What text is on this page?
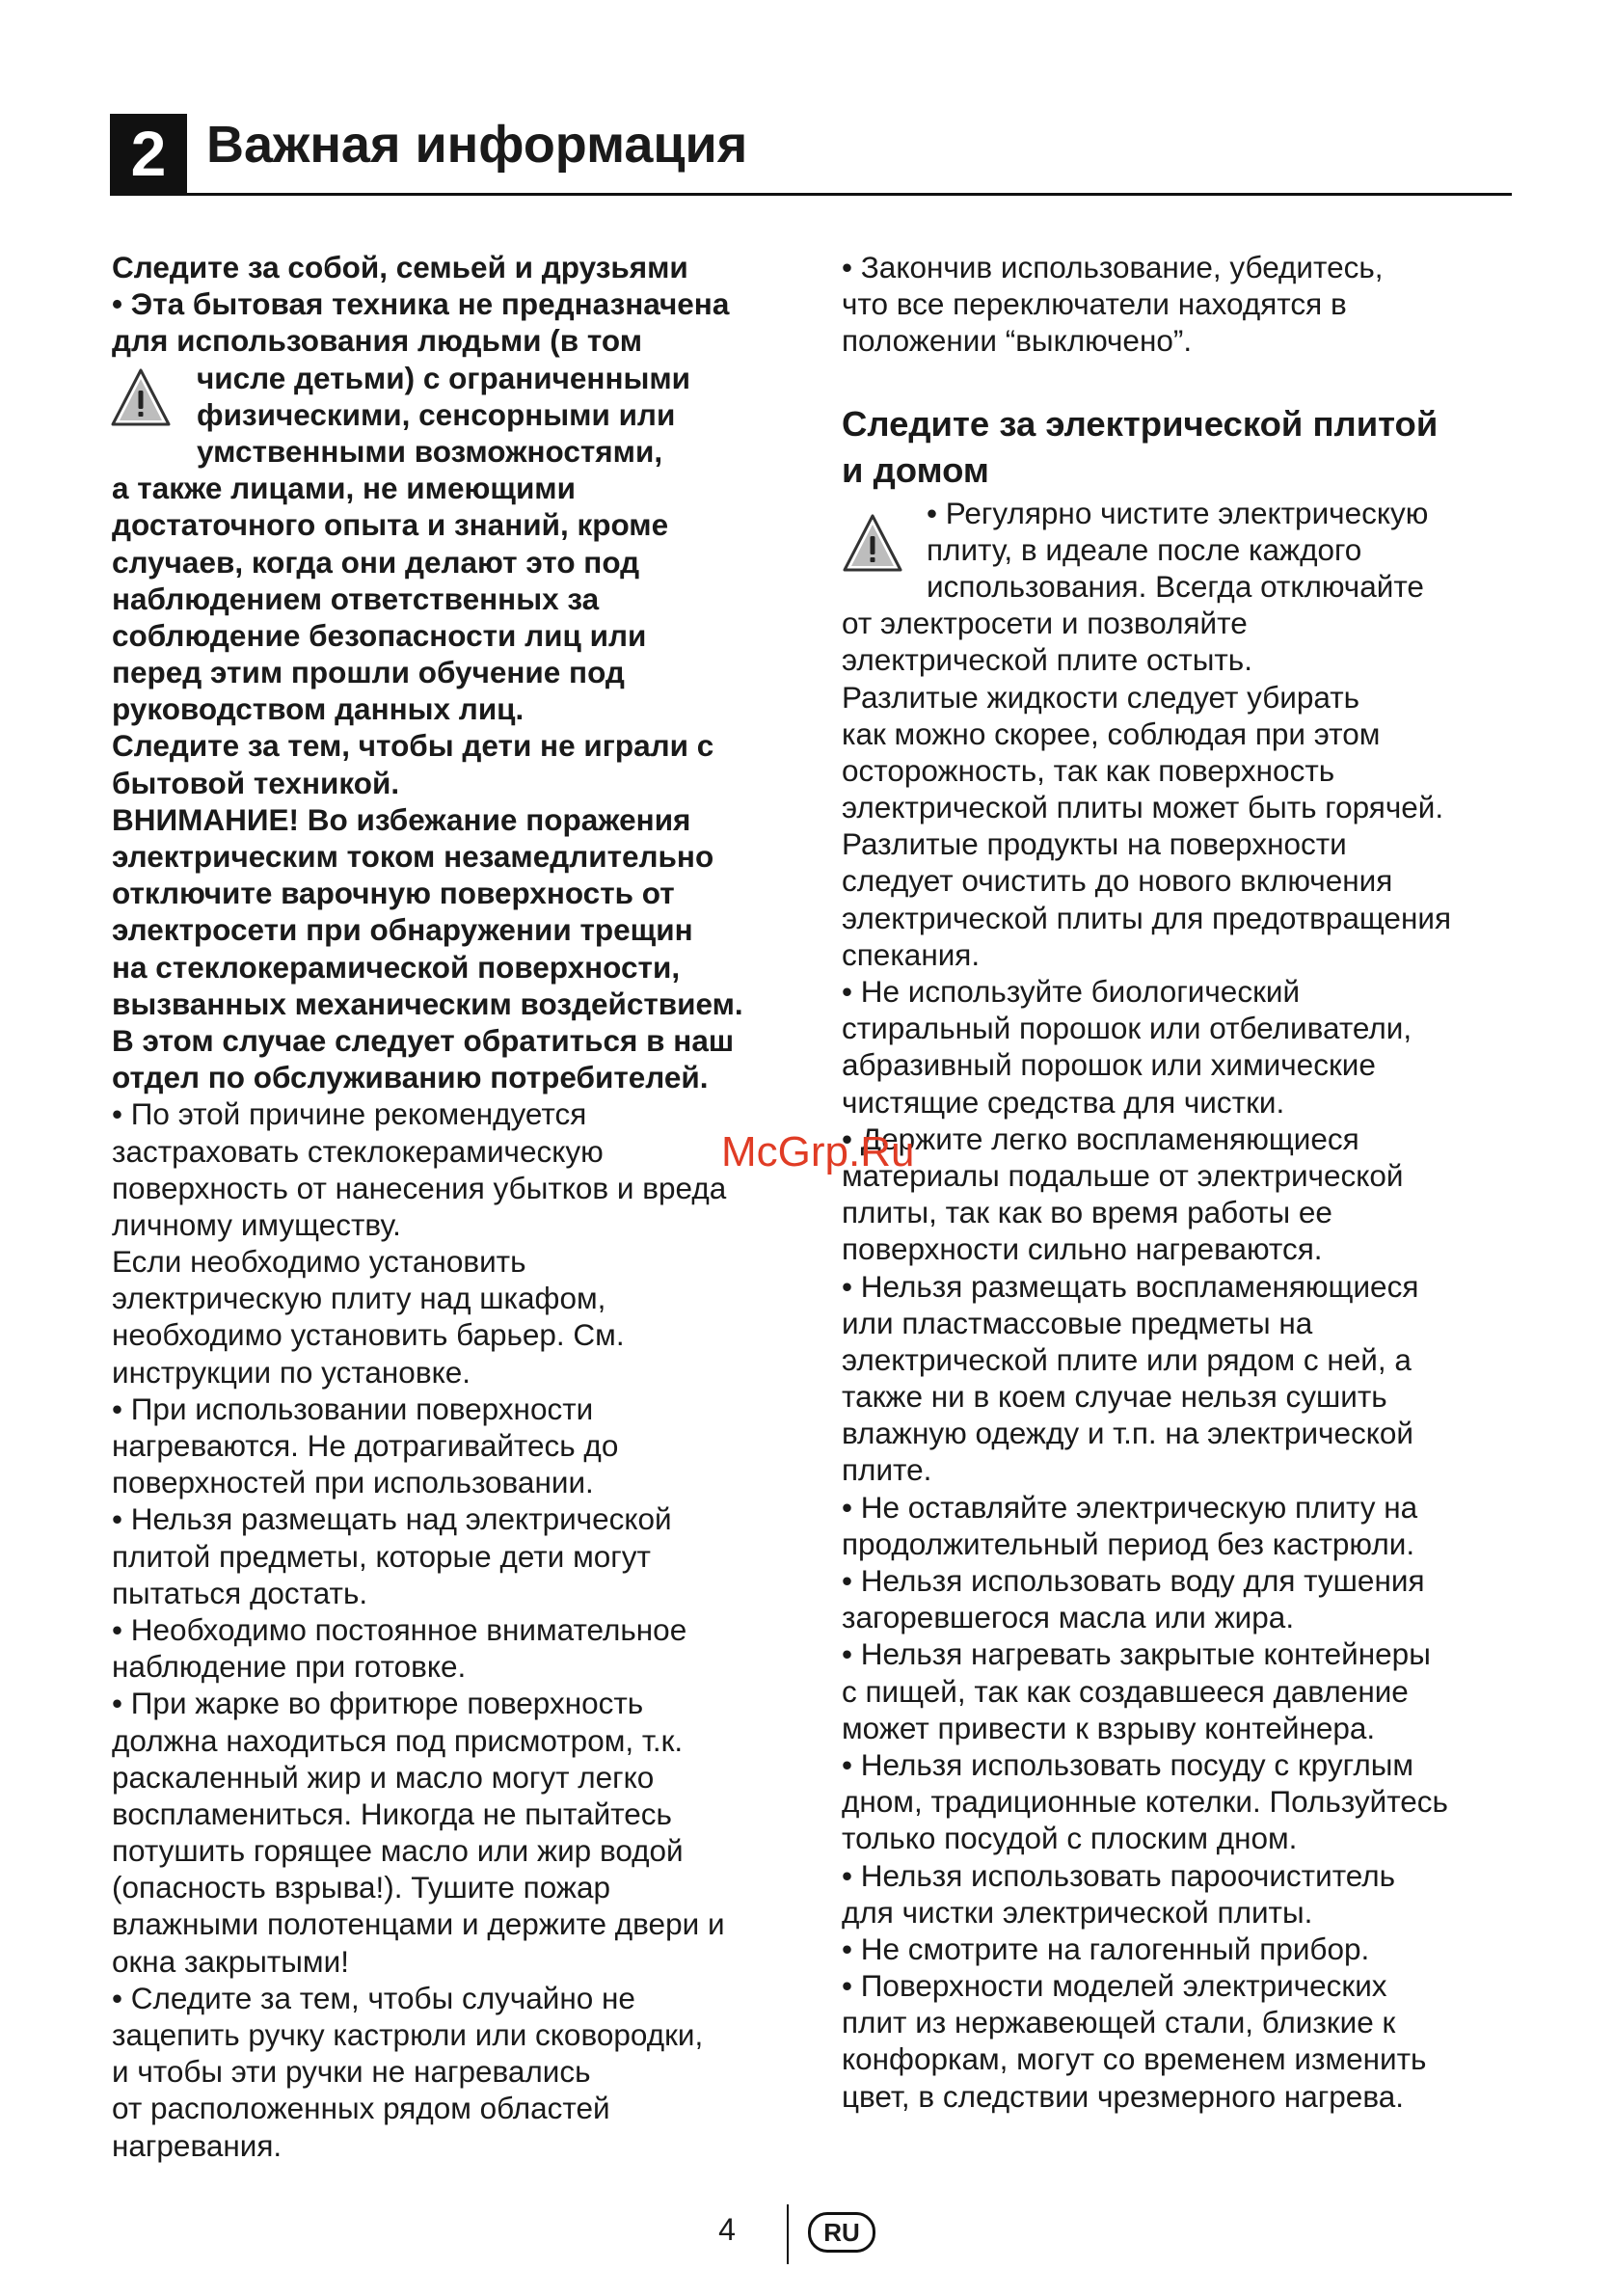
2 Важная информация
Следите за собой, семьей и друзьями
• Эта бытовая техника не предназначена
для использования людьми (в том
числе детьми) с ограниченными
физическими, сенсорными или
умственными возможностями,
а также лицами, не имеющими
достаточного опыта и знаний, кроме
случаев, когда они делают это под
наблюдением ответственных за
соблюдение безопасности лиц или
перед этим прошли обучение под
руководством данных лиц.
Следите за тем, чтобы дети не играли с
бытовой техникой.
ВНИМАНИЕ! Во избежание поражения
электрическим током незамедлительно
отключите варочную поверхность от
электросети при обнаружении трещин
на стеклокерамической поверхности,
вызванных механическим воздействием.
В этом случае следует обратиться в наш
отдел по обслуживанию потребителей.
• По этой причине рекомендуется
застраховать стеклокерамическую
поверхность от нанесения убытков и вреда
личному имуществу.
Если необходимо установить
электрическую плиту над шкафом,
необходимо установить барьер. См.
инструкции по установке.
• При использовании поверхности
нагреваются. Не дотрагивайтесь до
поверхностей при использовании.
• Нельзя размещать над электрической
плитой предметы, которые дети могут
пытаться достать.
• Необходимо постоянное внимательное
наблюдение при готовке.
• При жарке во фритюре поверхность
должна находиться под присмотром, т.к.
раскаленный жир и масло могут легко
воспламениться. Никогда не пытайтесь
потушить горящее масло или жир водой
(опасность взрыва!). Тушите пожар
влажными полотенцами и держите двери и
окна закрытыми!
• Следите за тем, чтобы случайно не
зацепить ручку кастрюли или сковородки,
и чтобы эти ручки не нагревались
от расположенных рядом областей
нагревания.
• Закончив использование, убедитесь,
что все переключатели находятся в
положении “выключено”.
Следите за электрической плитой
и домом
• Регулярно чистите электрическую
плиту, в идеале после каждого
использования. Всегда отключайте
от электросети и позволяйте
электрической плите остыть.
Разлитые жидкости следует убирать
как можно скорее, соблюдая при этом
осторожность, так как поверхность
электрической плиты может быть горячей.
Разлитые продукты на поверхности
следует очистить до нового включения
электрической плиты для предотвращения
спекания.
• Не используйте биологический
стиральный порошок или отбеливатели,
абразивный порошок или химические
чистящие средства для чистки.
• Держите легко воспламеняющиеся
материалы подальше от электрической
плиты, так как во время работы ее
поверхности сильно нагреваются.
• Нельзя размещать воспламеняющиеся
или пластмассовые предметы на
электрической плите или рядом с ней, а
также ни в коем случае нельзя сушить
влажную одежду и т.п. на электрической
плите.
• Не оставляйте электрическую плиту на
продолжительный период без кастрюли.
• Нельзя использовать воду для тушения
загоревшегося масла или жира.
• Нельзя нагревать закрытые контейнеры
с пищей, так как создавшееся давление
может привести к взрыву контейнера.
• Нельзя использовать посуду с круглым
дном, традиционные котелки. Пользуйтесь
только посудой с плоским дном.
• Нельзя использовать пароочиститель
для чистки электрической плиты.
• Не смотрите на галогенный прибор.
• Поверхности моделей электрических
плит из нержавеющей стали, близкие к
конфоркам, могут со временем изменить
цвет, в следствии чрезмерного нагрева.
McGrp.Ru
4	RU
